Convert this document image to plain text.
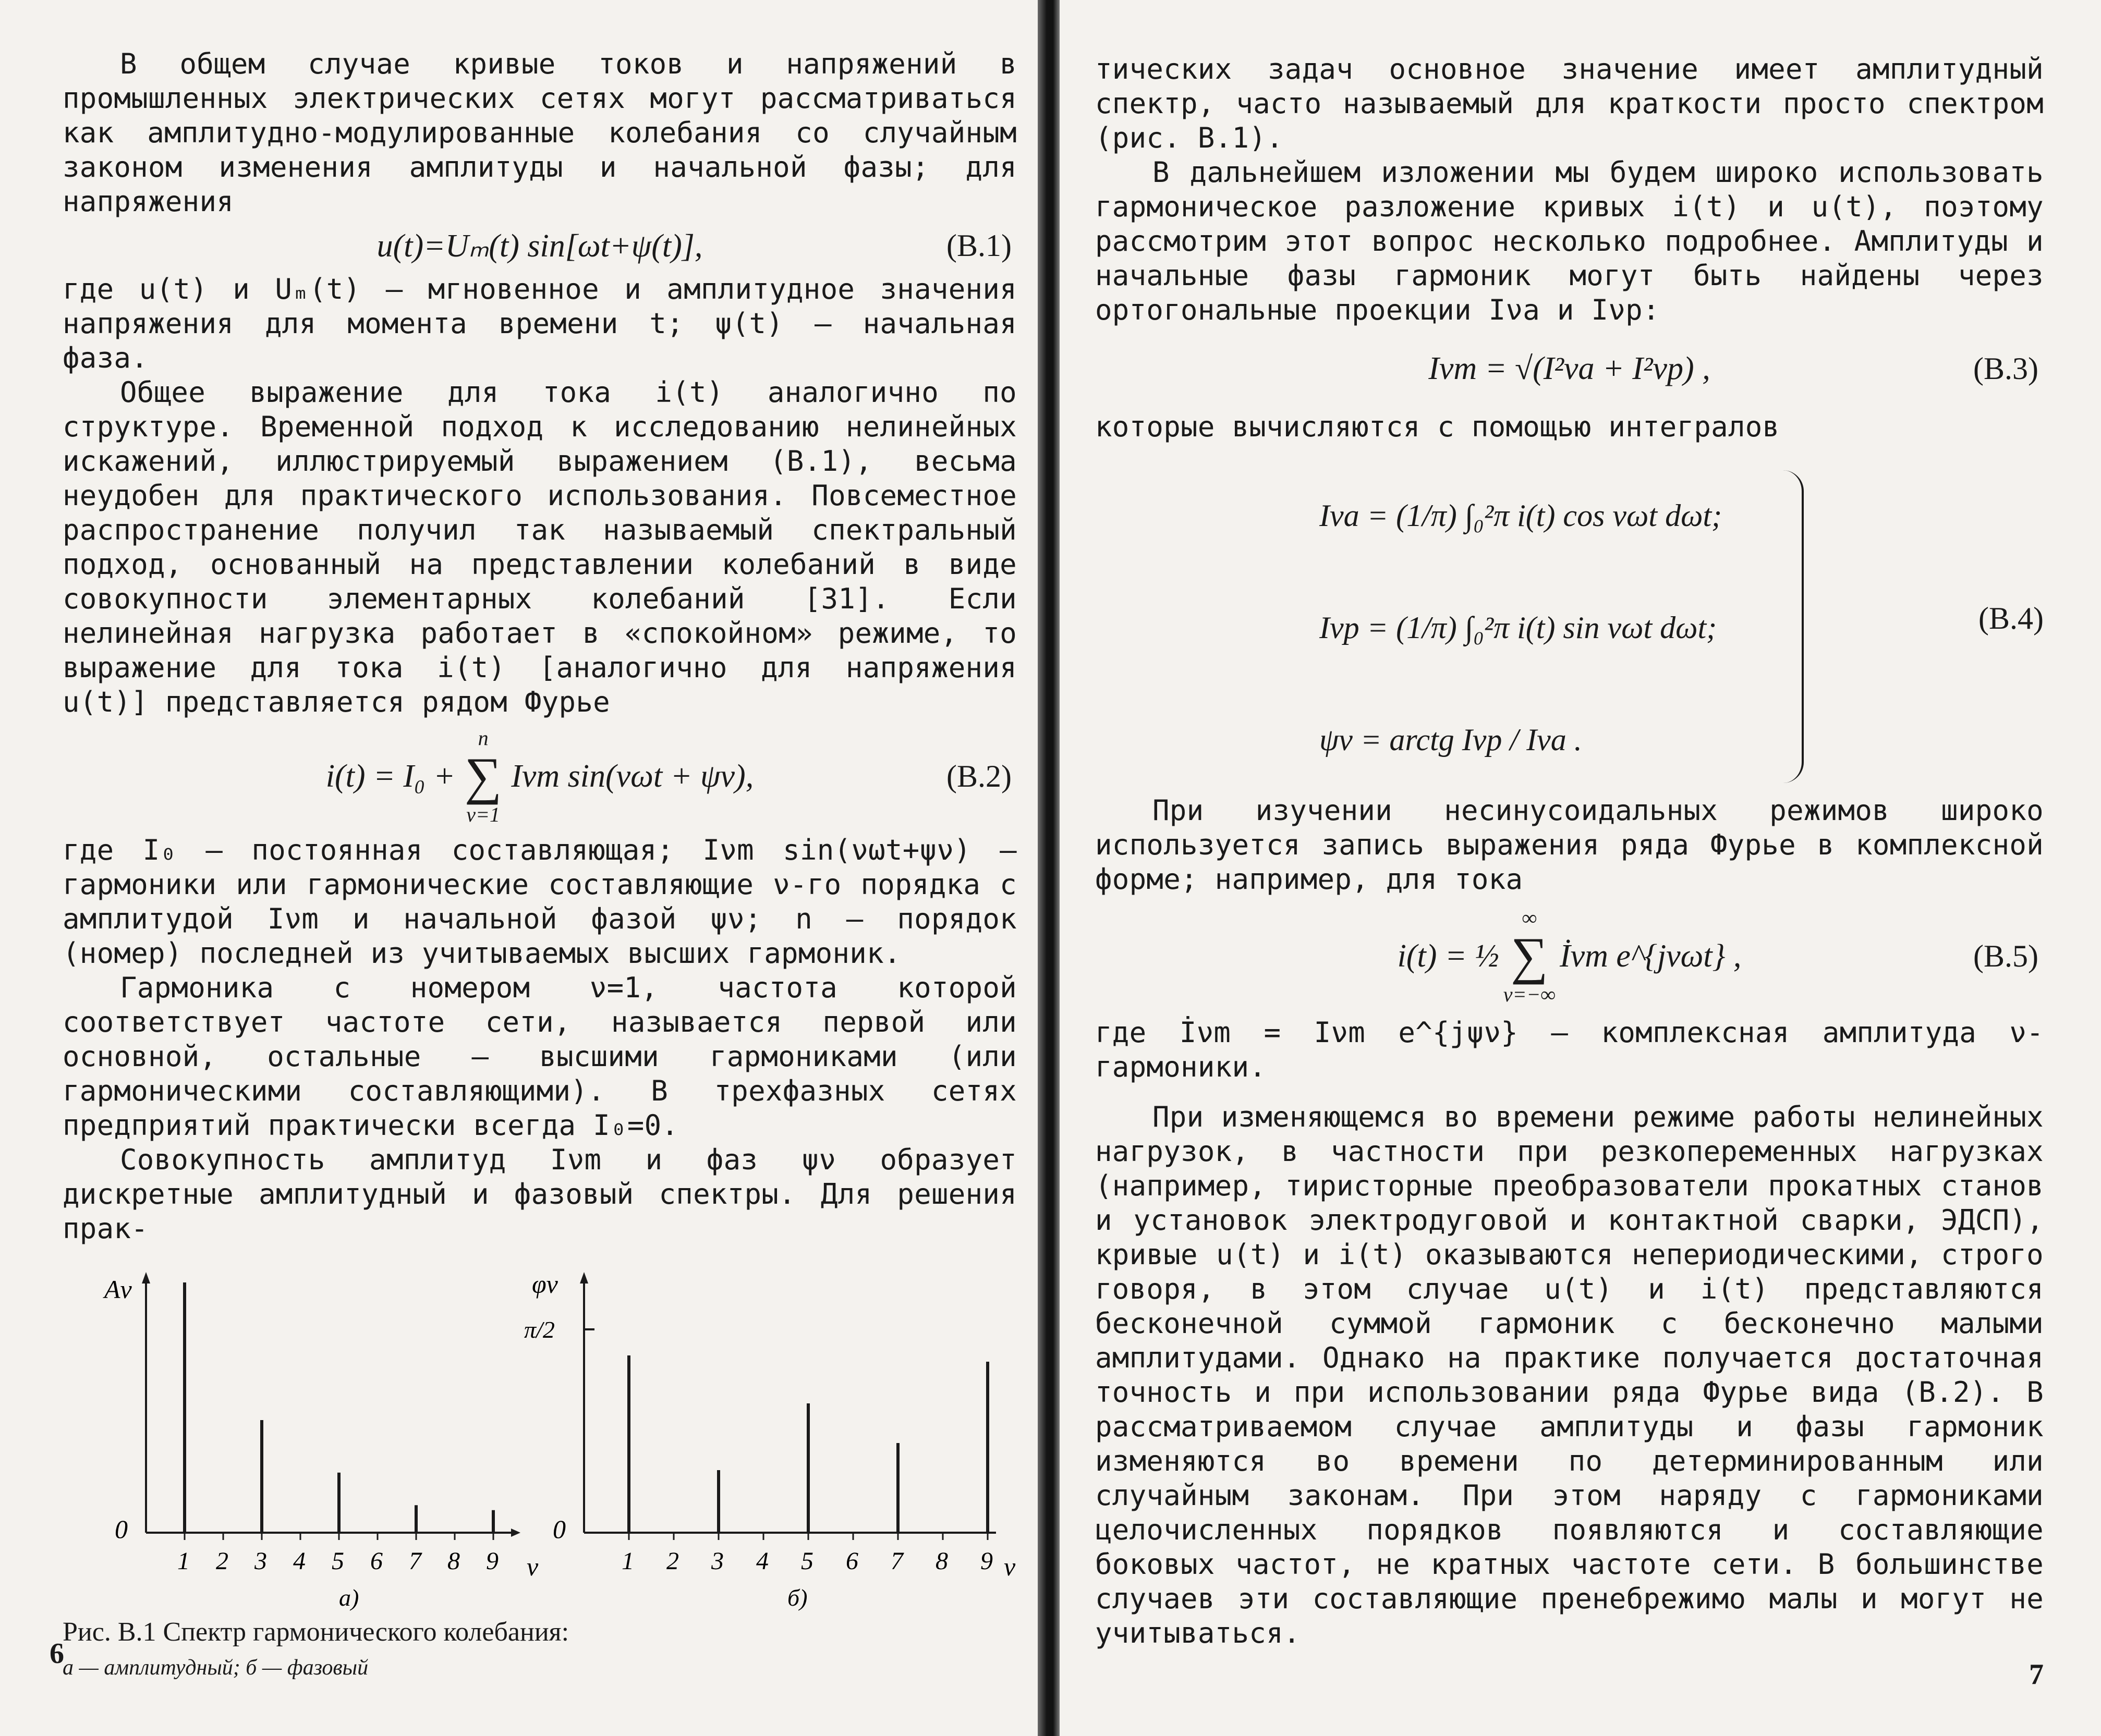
В общем случае кривые токов и напряжений в промышленных электрических сетях могут рассматриваться как амплитудно-модулированные колебания со случайным законом изменения амплитуды и начальной фазы; для напряжения

u(t)=Uₘ(t) sin[ωt+ψ(t)],	(В.1)

где u(t) и Uₘ(t) — мгновенное и амплитудное значения напряжения для момента времени t; ψ(t) — начальная фаза.

Общее выражение для тока i(t) аналогично по структуре. Временной подход к исследованию нелинейных искажений, иллюстрируемый выражением (В.1), весьма неудобен для практического использования. Повсеместное распространение получил так называемый спектральный подход, основанный на представлении колебаний в виде совокупности элементарных колебаний [31]. Если нелинейная нагрузка работает в «спокойном» режиме, то выражение для тока i(t) [аналогично для напряжения u(t)] представляется рядом Фурье

i(t) = I₀ +
n
∑
ν=1
Iνm sin(νωt + ψν),	(В.2)

где I₀ — постоянная составляющая; Iνm sin(νωt+ψν) — гармоники или гармонические составляющие ν-го порядка с амплитудой Iνm и начальной фазой ψν; n — порядок (номер) последней из учитываемых высших гармоник.

Гармоника с номером ν=1, частота которой соответствует частоте сети, называется первой или основной, остальные — высшими гармониками (или гармоническими составляющими). В трехфазных сетях предприятий практически всегда I₀=0.

Совокупность амплитуд Iνm и фаз ψν образует дискретные амплитудный и фазовый спектры. Для решения прак-

Aν
0
ν
а)
1 2 3 4 5 6 7 8 9
φν
π/2
0
ν
б)
1 2 3 4 5 6 7 8 9
Рис. В.1 Спектр гармонического колебания:
а — амплитудный; б — фазовый
6

тических задач основное значение имеет амплитудный спектр, часто называемый для краткости просто спектром (рис. В.1).

В дальнейшем изложении мы будем широко использовать гармоническое разложение кривых i(t) и u(t), поэтому рассмотрим этот вопрос несколько подробнее. Амплитуды и начальные фазы гармоник могут быть найдены через ортогональные проекции Iνa и Iνp:

Iνm = √(I²νa + I²νp) ,	(В.3)

которые вычисляются с помощью интегралов

Iνa = (1/π) ∫₀²π i(t) cos νωt dωt;
Iνp = (1/π) ∫₀²π i(t) sin νωt dωt;
ψν = arctg Iνp / Iνa .
(В.4)

При изучении несинусоидальных режимов широко используется запись выражения ряда Фурье в комплексной форме; например, для тока

i(t) = ½
∞
∑
ν=−∞
İνm e^{jνωt} ,	(В.5)

где İνm = Iνm e^{jψν} — комплексная амплитуда ν-гармоники.

При изменяющемся во времени режиме работы нелинейных нагрузок, в частности при резкопеременных нагрузках (например, тиристорные преобразователи прокатных станов и установок электродуговой и контактной сварки, ЭДСП), кривые u(t) и i(t) оказываются непериодическими, строго говоря, в этом случае u(t) и i(t) представляются бесконечной суммой гармоник с бесконечно малыми амплитудами. Однако на практике получается достаточная точность и при использовании ряда Фурье вида (В.2). В рассматриваемом случае амплитуды и фазы гармоник изменяются во времени по детерминированным или случайным законам. При этом наряду с гармониками целочисленных порядков появляются и составляющие боковых частот, не кратных частоте сети. В большинстве случаев эти составляющие пренебрежимо малы и могут не учитываться.

7
